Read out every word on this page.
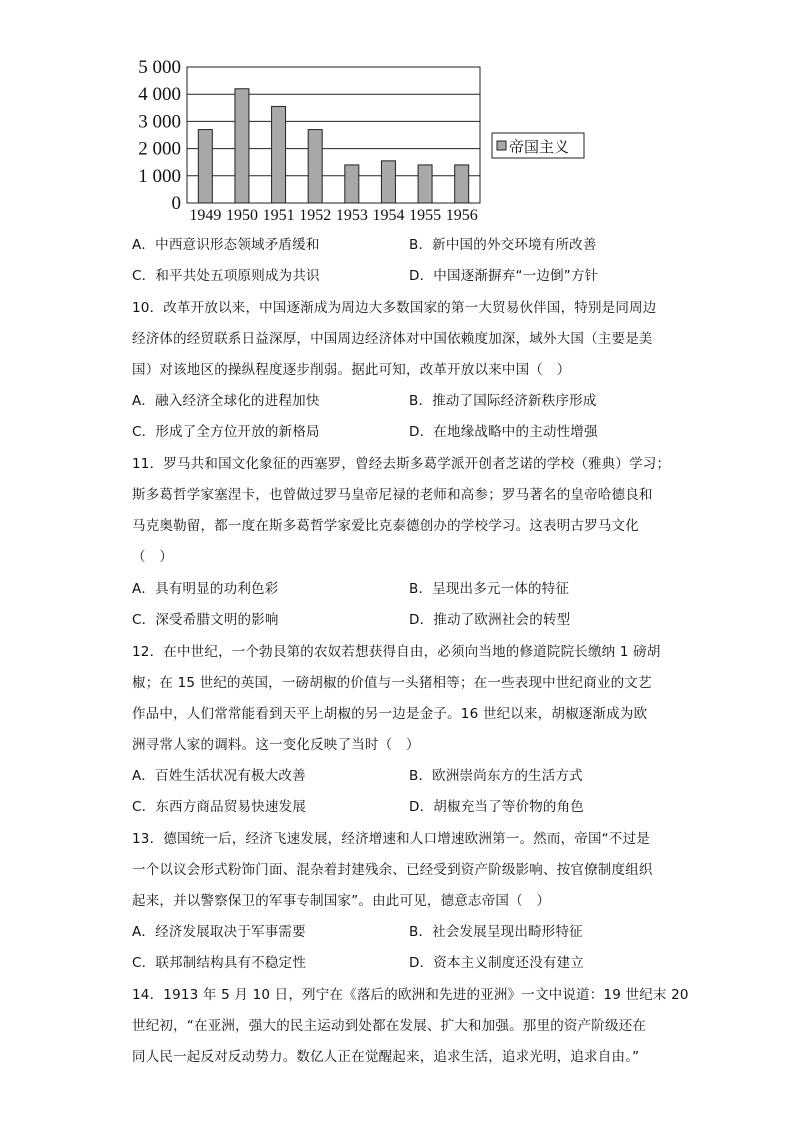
0
1 000
2 000
3 000
4 000
5 000
1949 1950 1951 1952 1953 1954 1955 1956
帝国主义
A．中西意识形态领域矛盾缓和	B．新中国的外交环境有所改善
C．和平共处五项原则成为共识	D．中国逐渐摒弃“一边倒”方针
10．改革开放以来，中国逐渐成为周边大多数国家的第一大贸易伙伴国，特别是同周边
经济体的经贸联系日益深厚，中国周边经济体对中国依赖度加深，域外大国（主要是美
国）对该地区的操纵程度逐步削弱。据此可知，改革开放以来中国（　）
A．融入经济全球化的进程加快	B．推动了国际经济新秩序形成
C．形成了全方位开放的新格局	D．在地缘战略中的主动性增强
11．罗马共和国文化象征的西塞罗，曾经去斯多葛学派开创者芝诺的学校（雅典）学习；
斯多葛哲学家塞涅卡，也曾做过罗马皇帝尼禄的老师和高参；罗马著名的皇帝哈德良和
马克奥勒留，都一度在斯多葛哲学家爱比克泰德创办的学校学习。这表明古罗马文化
（　）
A．具有明显的功利色彩	B．呈现出多元一体的特征
C．深受希腊文明的影响	D．推动了欧洲社会的转型
12．在中世纪，一个勃艮第的农奴若想获得自由，必须向当地的修道院院长缴纳 1 磅胡
椒；在 15 世纪的英国，一磅胡椒的价值与一头猪相等；在一些表现中世纪商业的文艺
作品中，人们常常能看到天平上胡椒的另一边是金子。16 世纪以来，胡椒逐渐成为欧
洲寻常人家的调料。这一变化反映了当时（　）
A．百姓生活状况有极大改善	B．欧洲崇尚东方的生活方式
C．东西方商品贸易快速发展	D．胡椒充当了等价物的角色
13．德国统一后，经济飞速发展，经济增速和人口增速欧洲第一。然而，帝国“不过是
一个以议会形式粉饰门面、混杂着封建残余、已经受到资产阶级影响、按官僚制度组织
起来，并以警察保卫的军事专制国家”。由此可见，德意志帝国（　）
A．经济发展取决于军事需要	B．社会发展呈现出畸形特征
C．联邦制结构具有不稳定性	D．资本主义制度还没有建立
14．1913 年 5 月 10 日，列宁在《落后的欧洲和先进的亚洲》一文中说道：19 世纪末 20
世纪初，“在亚洲，强大的民主运动到处都在发展、扩大和加强。那里的资产阶级还在
同人民一起反对反动势力。数亿人正在觉醒起来，追求生活，追求光明，追求自由。”
